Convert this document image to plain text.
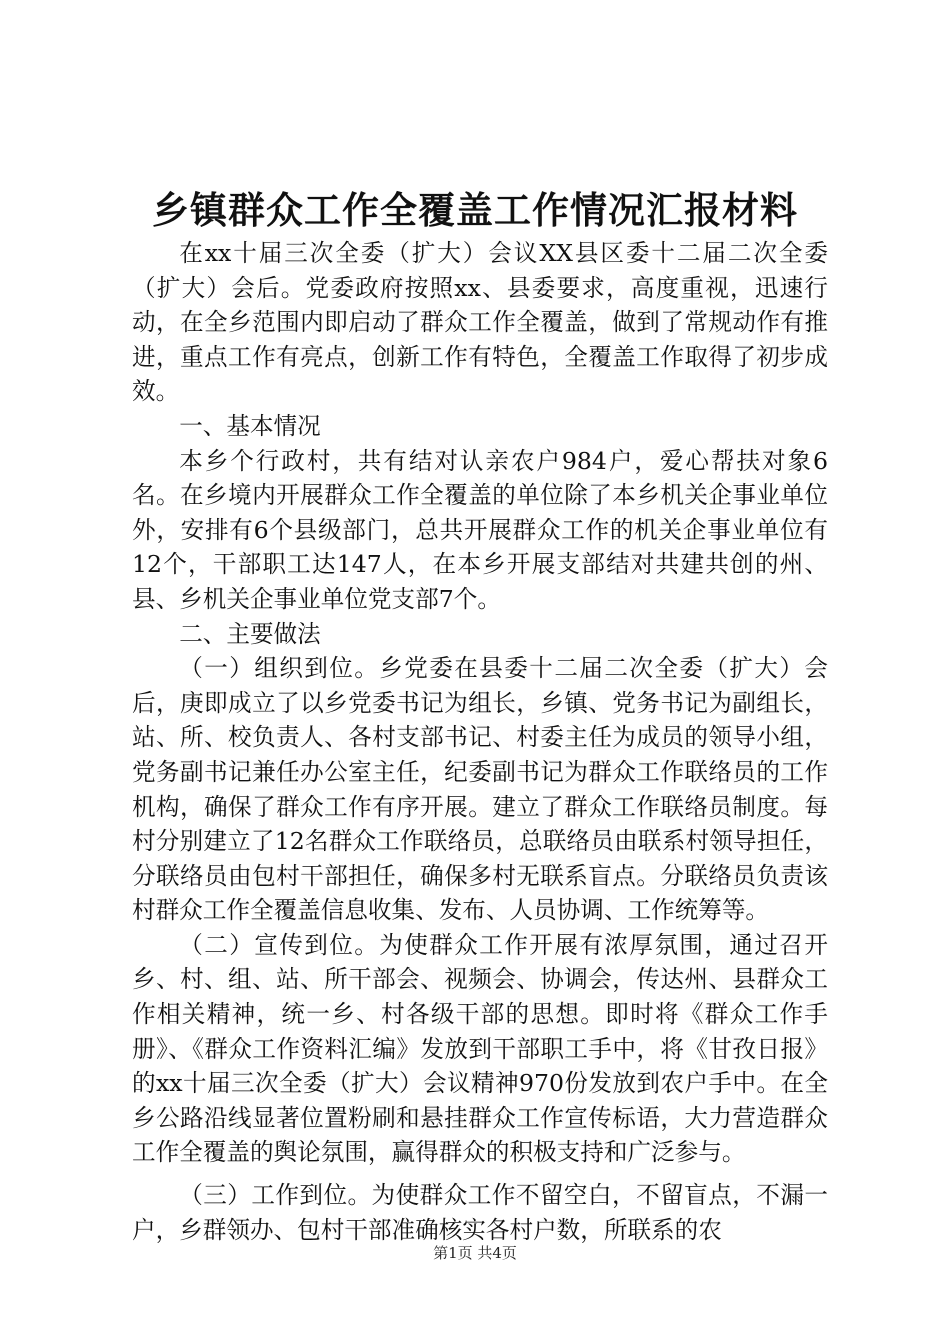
乡镇群众工作全覆盖工作情况汇报材料

在xx十届三次全委（扩大）会议XX县区委十二届二次全委（扩大）会后。党委政府按照xx、县委要求，高度重视，迅速行动，在全乡范围内即启动了群众工作全覆盖，做到了常规动作有推进，重点工作有亮点，创新工作有特色，全覆盖工作取得了初步成效。

一、基本情况

本乡个行政村，共有结对认亲农户984户，爱心帮扶对象6名。在乡境内开展群众工作全覆盖的单位除了本乡机关企事业单位外，安排有6个县级部门，总共开展群众工作的机关企事业单位有12个，干部职工达147人，在本乡开展支部结对共建共创的州、县、乡机关企事业单位党支部7个。

二、主要做法

（一）组织到位。乡党委在县委十二届二次全委（扩大）会后，庚即成立了以乡党委书记为组长，乡镇、党务书记为副组长，站、所、校负责人、各村支部书记、村委主任为成员的领导小组，党务副书记兼任办公室主任，纪委副书记为群众工作联络员的工作机构，确保了群众工作有序开展。建立了群众工作联络员制度。每村分别建立了12名群众工作联络员，总联络员由联系村领导担任，分联络员由包村干部担任，确保多村无联系盲点。分联络员负责该村群众工作全覆盖信息收集、发布、人员协调、工作统筹等。

（二）宣传到位。为使群众工作开展有浓厚氛围，通过召开乡、村、组、站、所干部会、视频会、协调会，传达州、县群众工作相关精神，统一乡、村各级干部的思想。即时将《群众工作手册》、《群众工作资料汇编》发放到干部职工手中，将《甘孜日报》的xx十届三次全委（扩大）会议精神970份发放到农户手中。在全乡公路沿线显著位置粉刷和悬挂群众工作宣传标语，大力营造群众工作全覆盖的舆论氛围，赢得群众的积极支持和广泛参与。

（三）工作到位。为使群众工作不留空白，不留盲点，不漏一户，乡群领办、包村干部准确核实各村户数，所联系的农

第1页 共4页
